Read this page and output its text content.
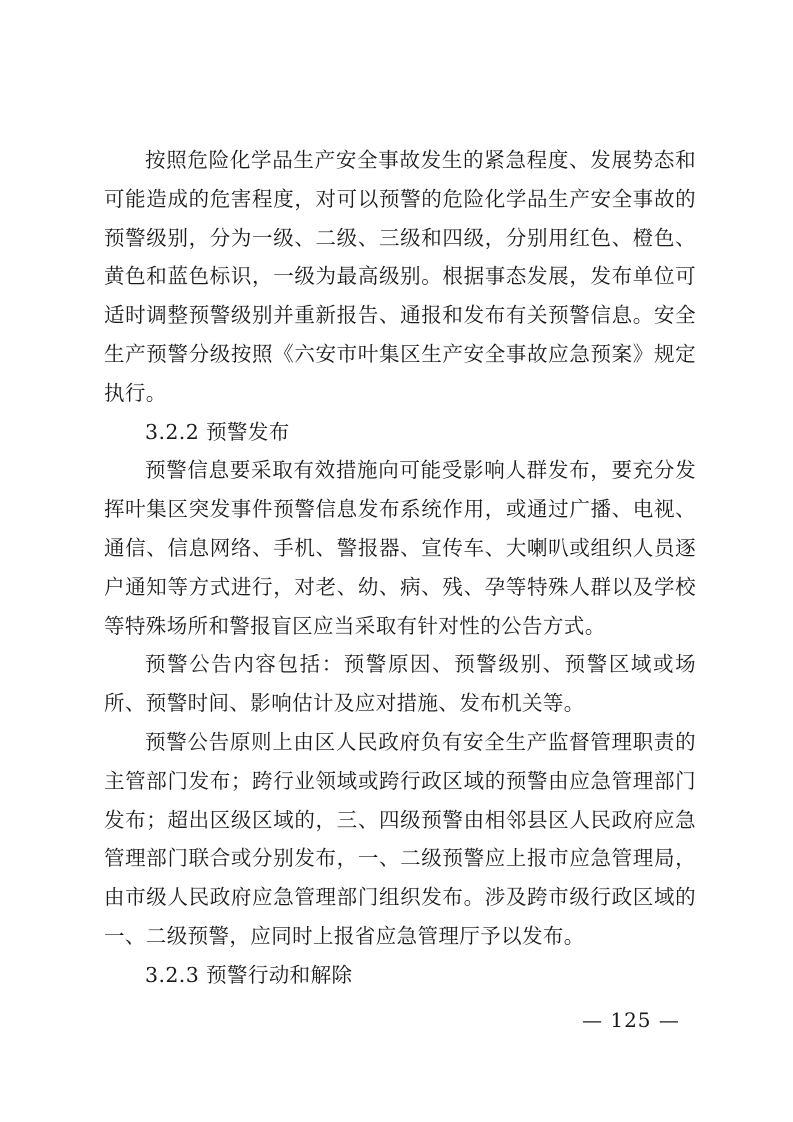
按照危险化学品生产安全事故发生的紧急程度、发展势态和可能造成的危害程度，对可以预警的危险化学品生产安全事故的预警级别，分为一级、二级、三级和四级，分别用红色、橙色、黄色和蓝色标识，一级为最高级别。根据事态发展，发布单位可适时调整预警级别并重新报告、通报和发布有关预警信息。安全生产预警分级按照《六安市叶集区生产安全事故应急预案》规定执行。

3.2.2 预警发布

预警信息要采取有效措施向可能受影响人群发布，要充分发挥叶集区突发事件预警信息发布系统作用，或通过广播、电视、通信、信息网络、手机、警报器、宣传车、大喇叭或组织人员逐户通知等方式进行，对老、幼、病、残、孕等特殊人群以及学校等特殊场所和警报盲区应当采取有针对性的公告方式。

预警公告内容包括：预警原因、预警级别、预警区域或场所、预警时间、影响估计及应对措施、发布机关等。

预警公告原则上由区人民政府负有安全生产监督管理职责的主管部门发布；跨行业领域或跨行政区域的预警由应急管理部门发布；超出区级区域的，三、四级预警由相邻县区人民政府应急管理部门联合或分别发布，一、二级预警应上报市应急管理局，由市级人民政府应急管理部门组织发布。涉及跨市级行政区域的一、二级预警，应同时上报省应急管理厅予以发布。

3.2.3 预警行动和解除

— 125 —
